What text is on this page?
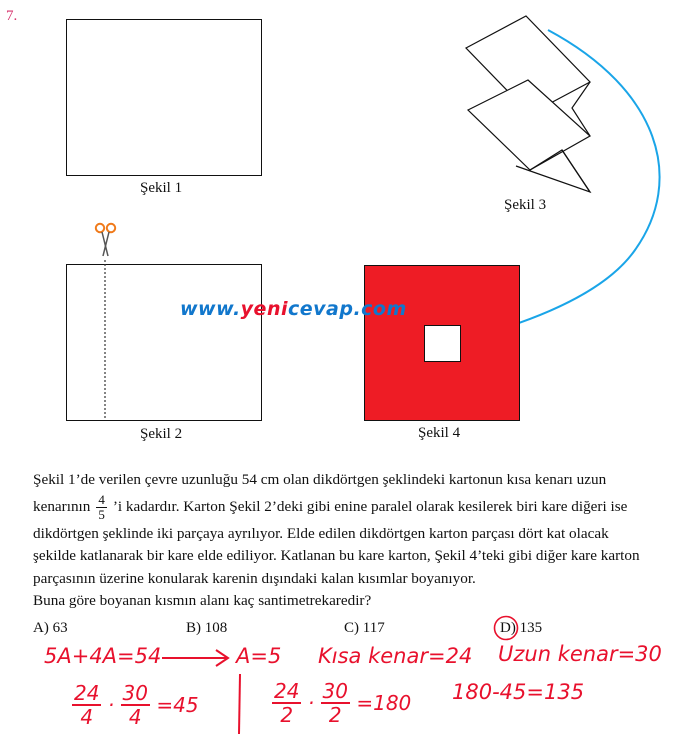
7.
Şekil 1
Şekil 2
Şekil 3
Şekil 4
www.yenicevap.com

Şekil 1’de verilen çevre uzunluğu 54 cm olan dikdörtgen şeklindeki kartonun kısa kenarı uzun

kenarının $\frac{4}{5}$ ’i kadardır. Karton Şekil 2’deki gibi enine paralel olarak kesilerek biri kare diğeri ise

dikdörtgen şeklinde iki parçaya ayrılıyor. Elde edilen dikdörtgen karton parçası dört kat olacak

şekilde katlanarak bir kare elde ediliyor. Katlanan bu kare karton, Şekil 4’teki gibi diğer kare karton

parçasının üzerine konularak karenin dışındaki kalan kısımlar boyanıyor.

Buna göre boyanan kısmın alanı kaç santimetrekaredir?

A) 63	B) 108	C) 117	D) 135
5A+4A=54	A=5 Kısa kenar=24 Uzun kenar=30
$\frac{24}{4} \cdot \frac{30}{4} =45$	$\frac{24}{2} \cdot \frac{30}{2} =180$ 180-45=135
